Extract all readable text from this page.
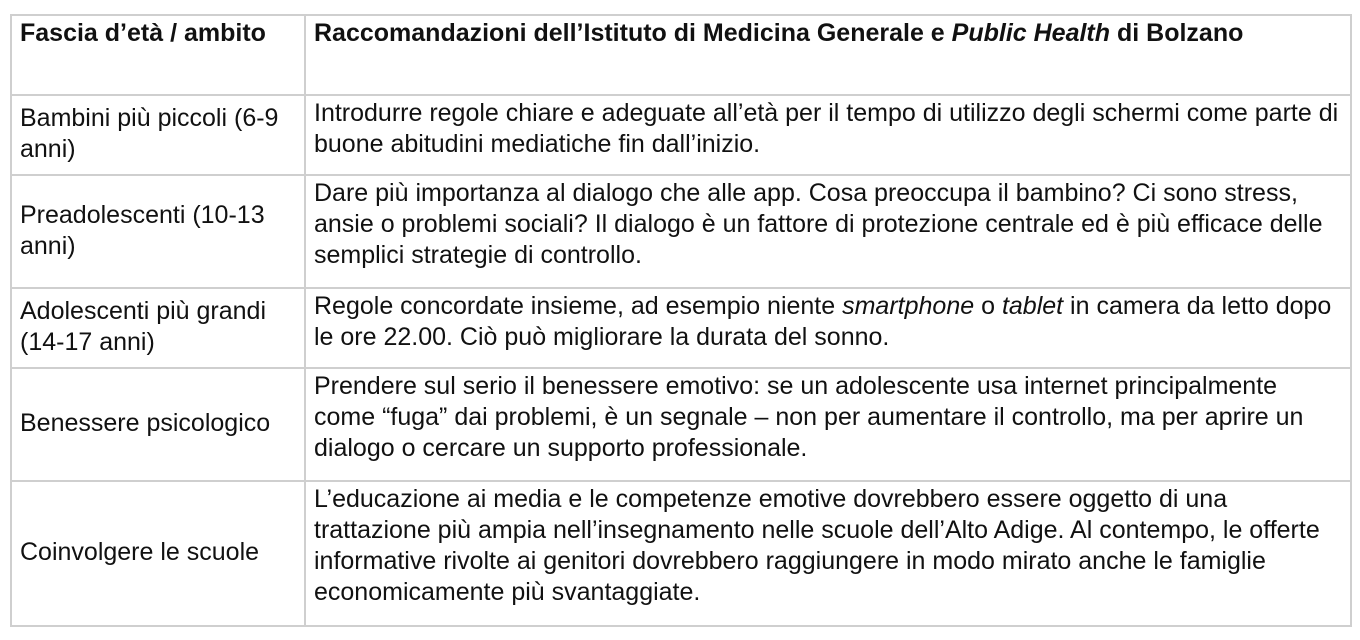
Fascia d’età / ambito	Raccomandazioni dell’Istituto di Medicina Generale e Public Health di Bolzano
Bambini più piccoli (6-9 anni)	Introdurre regole chiare e adeguate all’età per il tempo di utilizzo degli schermi come parte di buone abitudini mediatiche fin dall’inizio.
Preadolescenti (10-13 anni)	Dare più importanza al dialogo che alle app. Cosa preoccupa il bambino? Ci sono stress, ansie o problemi sociali? Il dialogo è un fattore di protezione centrale ed è più efficace delle semplici strategie di controllo.
Adolescenti più grandi (14-17 anni)	Regole concordate insieme, ad esempio niente smartphone o tablet in camera da letto dopo le ore 22.00. Ciò può migliorare la durata del sonno.
Benessere psicologico	Prendere sul serio il benessere emotivo: se un adolescente usa internet principalmente come “fuga” dai problemi, è un segnale – non per aumentare il controllo, ma per aprire un dialogo o cercare un supporto professionale.
Coinvolgere le scuole	L’educazione ai media e le competenze emotive dovrebbero essere oggetto di una trattazione più ampia nell’insegnamento nelle scuole dell’Alto Adige. Al contempo, le offerte informative rivolte ai genitori dovrebbero raggiungere in modo mirato anche le famiglie economicamente più svantaggiate.
